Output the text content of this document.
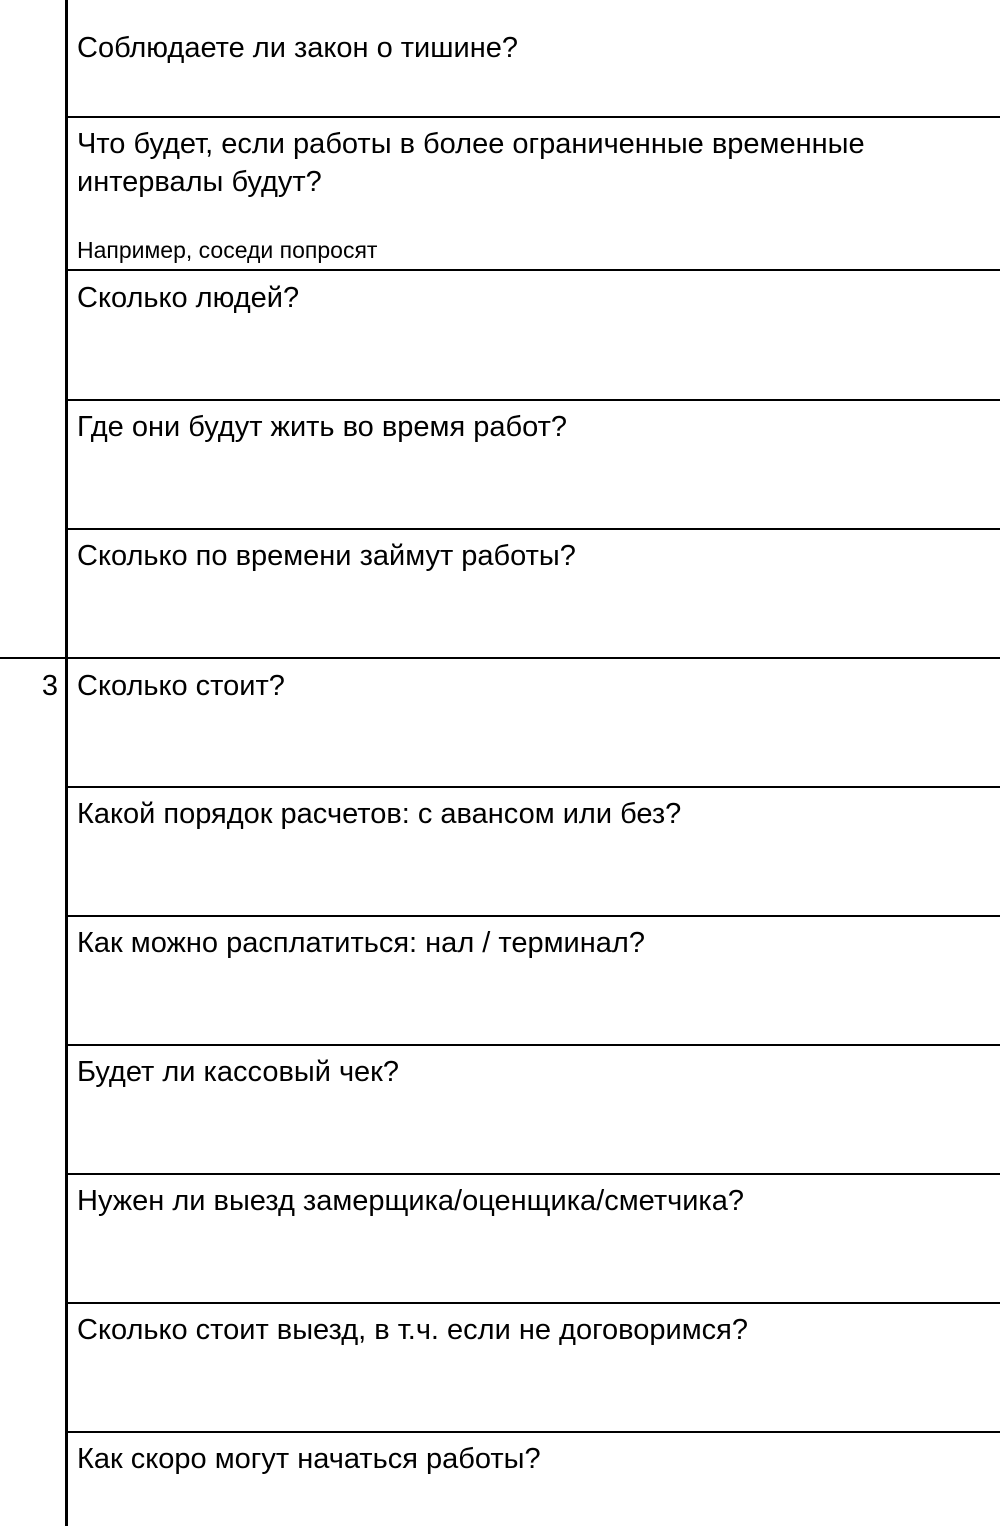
3

Соблюдаете ли закон о тишине?

Что будет, если работы в более ограниченные временные интервалы будут?

Например, соседи попросят

Сколько людей?

Где они будут жить во время работ?

Сколько по времени займут работы?

Сколько стоит?

Какой порядок расчетов: с авансом или без?

Как можно расплатиться: нал / терминал?

Будет ли кассовый чек?

Нужен ли выезд замерщика/оценщика/сметчика?

Сколько стоит выезд, в т.ч. если не договоримся?

Как скоро могут начаться работы?
